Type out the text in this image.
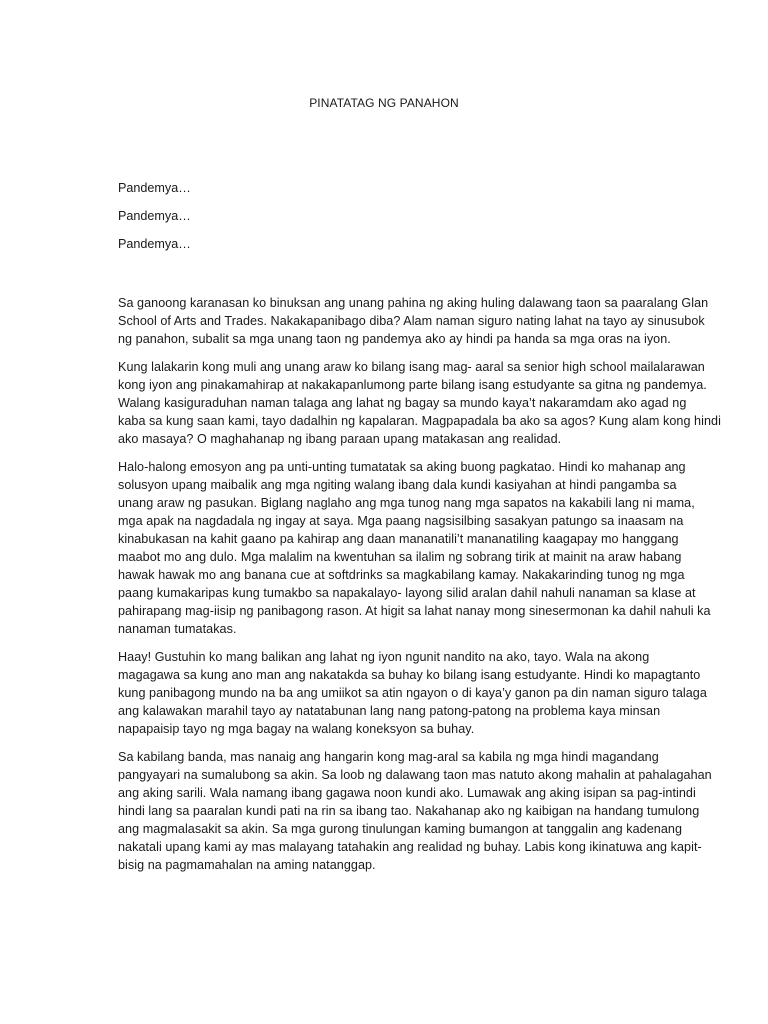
PINATATAG NG PANAHON
Pandemya…
Pandemya…
Pandemya…
Sa ganoong karanasan ko binuksan ang unang pahina ng aking huling dalawang taon sa paaralang Glan
School of Arts and Trades. Nakakapanibago diba? Alam naman siguro nating lahat na tayo ay sinusubok
ng panahon, subalit sa mga unang taon ng pandemya ako ay hindi pa handa sa mga oras na iyon.
Kung lalakarin kong muli ang unang araw ko bilang isang mag- aaral sa senior high school mailalarawan
kong iyon ang pinakamahirap at nakakapanlumong parte bilang isang estudyante sa gitna ng pandemya.
Walang kasiguraduhan naman talaga ang lahat ng bagay sa mundo kaya’t nakaramdam ako agad ng
kaba sa kung saan kami, tayo dadalhin ng kapalaran. Magpapadala ba ako sa agos? Kung alam kong hindi
ako masaya? O maghahanap ng ibang paraan upang matakasan ang realidad.
Halo-halong emosyon ang pa unti-unting tumatatak sa aking buong pagkatao. Hindi ko mahanap ang
solusyon upang maibalik ang mga ngiting walang ibang dala kundi kasiyahan at hindi pangamba sa
unang araw ng pasukan. Biglang naglaho ang mga tunog nang mga sapatos na kakabili lang ni mama,
mga apak na nagdadala ng ingay at saya. Mga paang nagsisilbing sasakyan patungo sa inaasam na
kinabukasan na kahit gaano pa kahirap ang daan mananatili’t mananatiling kaagapay mo hanggang
maabot mo ang dulo. Mga malalim na kwentuhan sa ilalim ng sobrang tirik at mainit na araw habang
hawak hawak mo ang banana cue at softdrinks sa magkabilang kamay. Nakakarinding tunog ng mga
paang kumakaripas kung tumakbo sa napakalayo- layong silid aralan dahil nahuli nanaman sa klase at
pahirapang mag-iisip ng panibagong rason. At higit sa lahat nanay mong sinesermonan ka dahil nahuli ka
nanaman tumatakas.
Haay! Gustuhin ko mang balikan ang lahat ng iyon ngunit nandito na ako, tayo. Wala na akong
magagawa sa kung ano man ang nakatakda sa buhay ko bilang isang estudyante. Hindi ko mapagtanto
kung panibagong mundo na ba ang umiikot sa atin ngayon o di kaya’y ganon pa din naman siguro talaga
ang kalawakan marahil tayo ay natatabunan lang nang patong-patong na problema kaya minsan
napapaisip tayo ng mga bagay na walang koneksyon sa buhay.
Sa kabilang banda, mas nanaig ang hangarin kong mag-aral sa kabila ng mga hindi magandang
pangyayari na sumalubong sa akin. Sa loob ng dalawang taon mas natuto akong mahalin at pahalagahan
ang aking sarili. Wala namang ibang gagawa noon kundi ako. Lumawak ang aking isipan sa pag-intindi
hindi lang sa paaralan kundi pati na rin sa ibang tao. Nakahanap ako ng kaibigan na handang tumulong
ang magmalasakit sa akin. Sa mga gurong tinulungan kaming bumangon at tanggalin ang kadenang
nakatali upang kami ay mas malayang tatahakin ang realidad ng buhay. Labis kong ikinatuwa ang kapit-
bisig na pagmamahalan na aming natanggap.
